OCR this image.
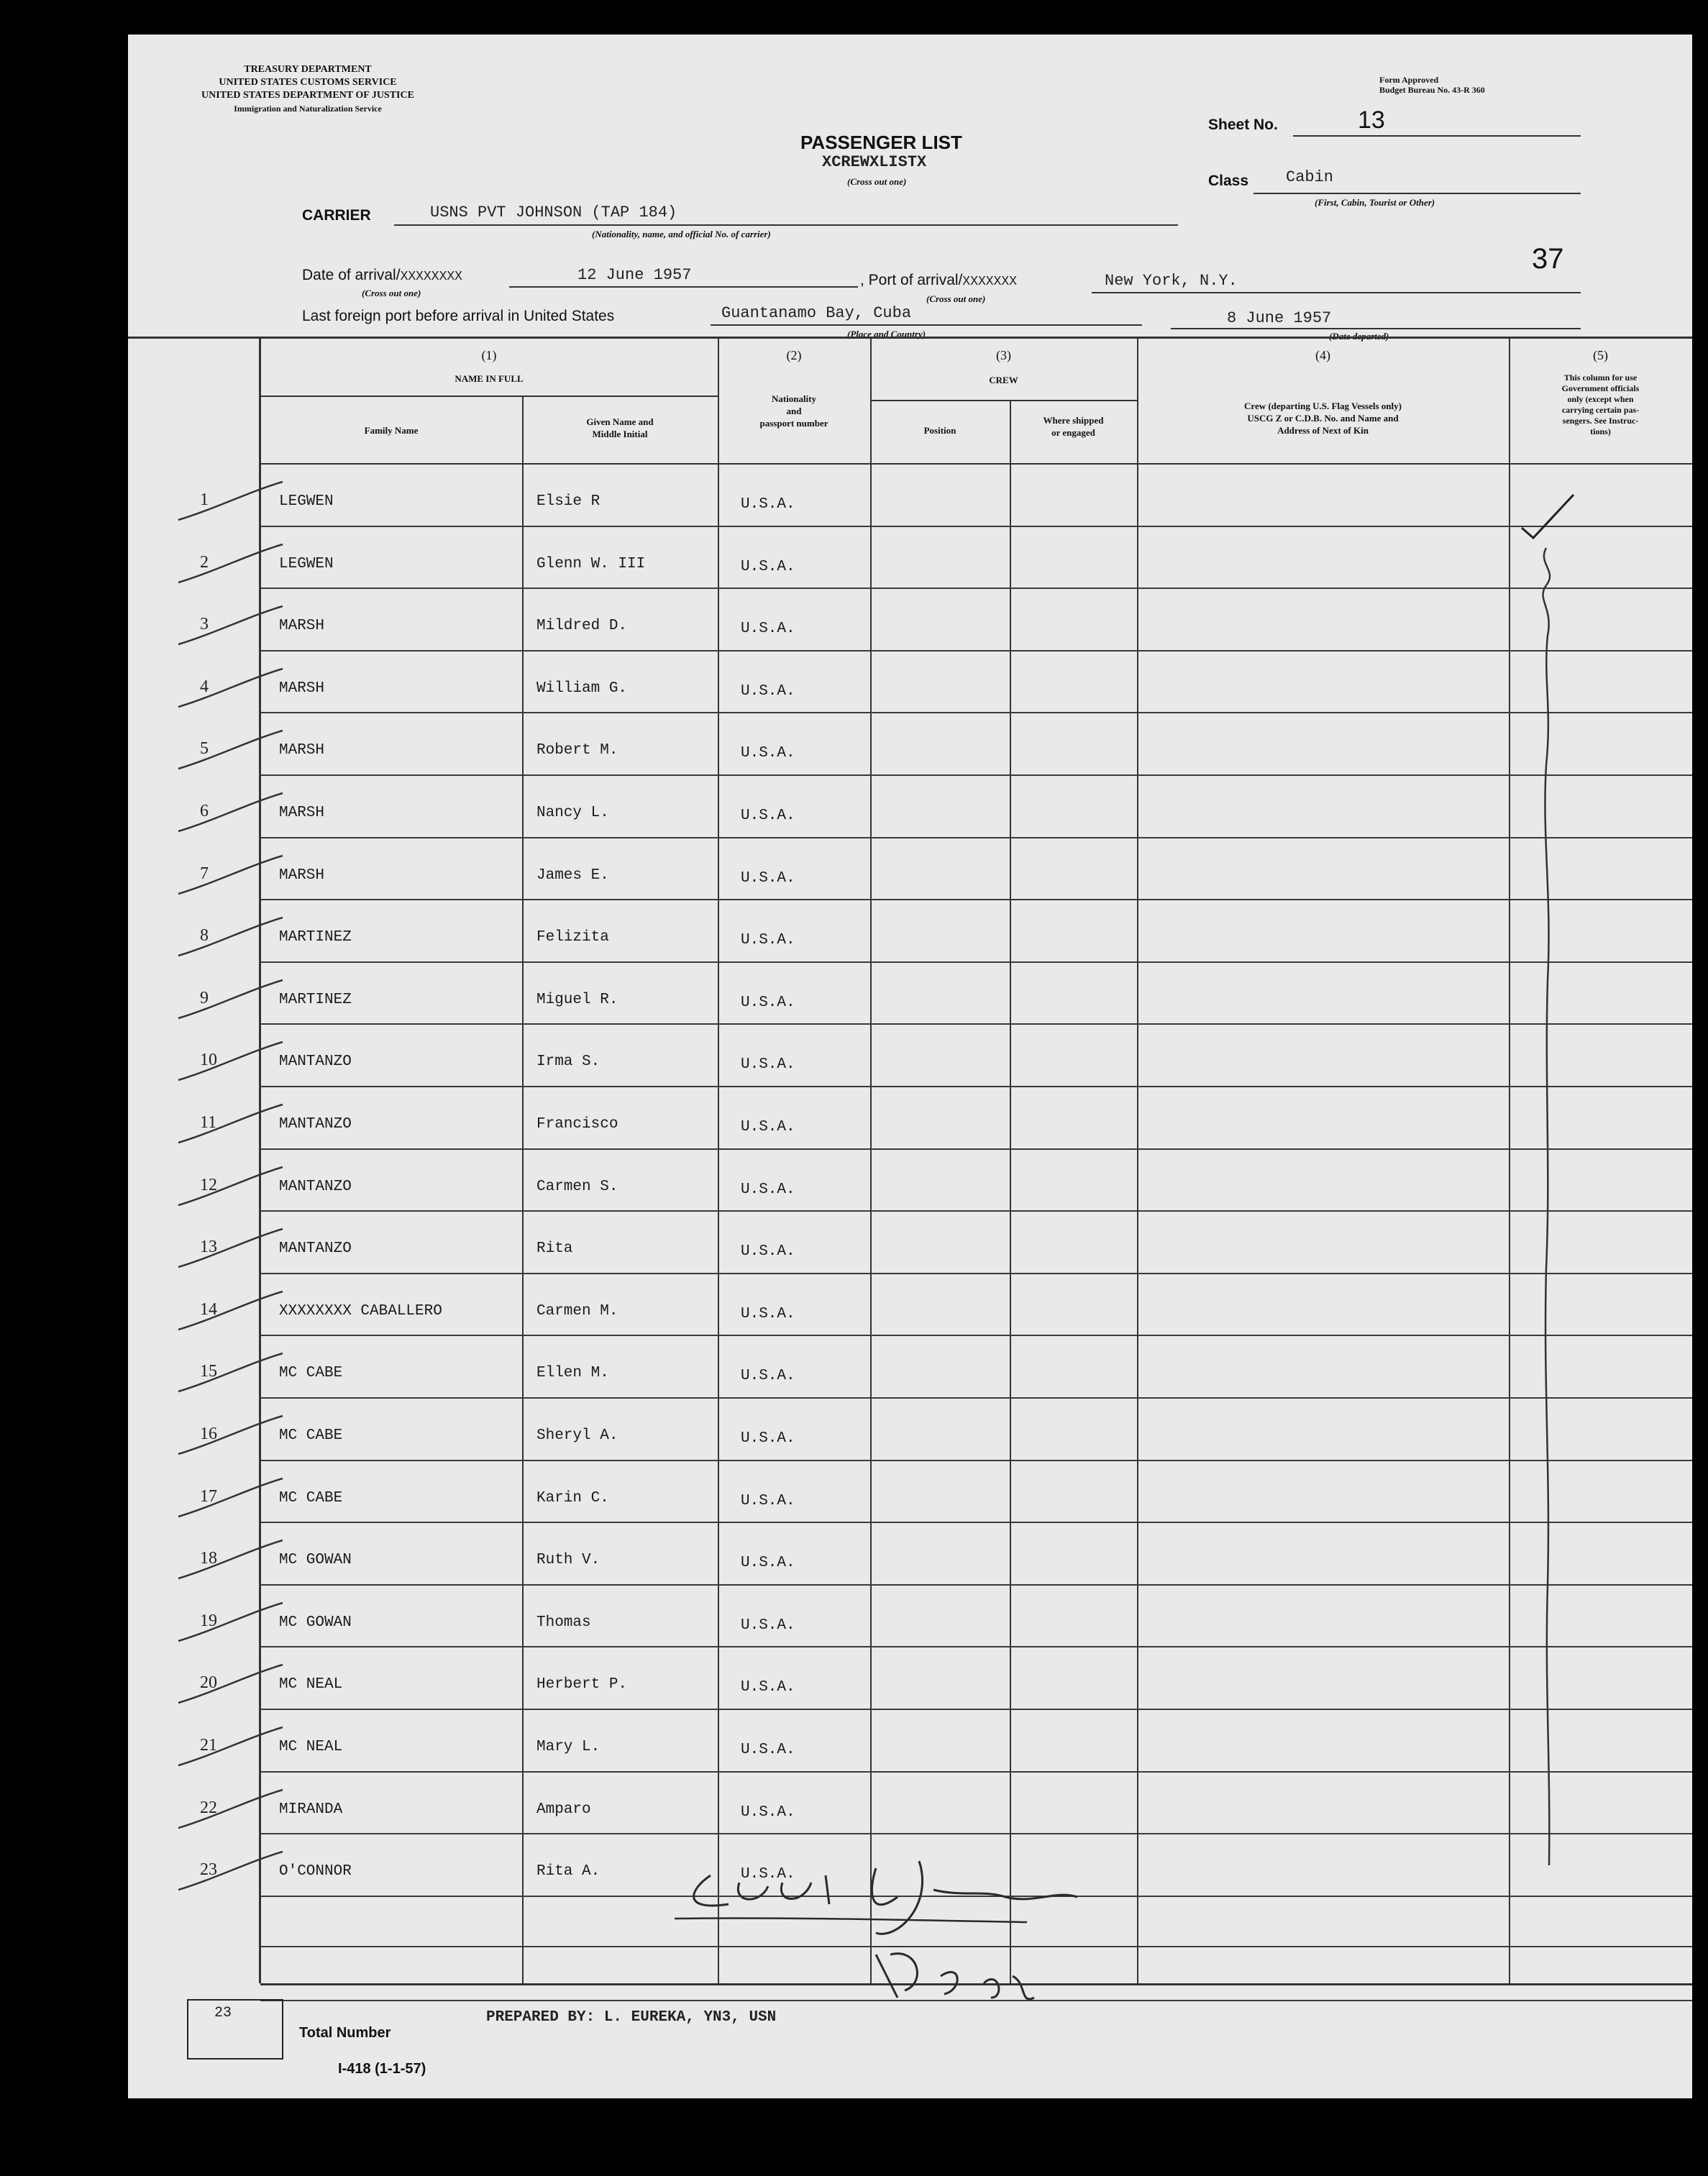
TREASURY DEPARTMENT
UNITED STATES CUSTOMS SERVICE
UNITED STATES DEPARTMENT OF JUSTICE
Immigration and Naturalization Service
Form Approved
Budget Bureau No. 43-R 360
PASSENGER LIST
XCREWXLISTX
(Cross out one)
Sheet No.	13
Class Cabin
(First, Cabin, Tourist or Other)
CARRIER	USNS PVT JOHNSON (TAP 184)
(Nationality, name, and official No. of carrier)
37
Date of arrival/XXXXXXXX	12 June 1957
(Cross out one)
, Port of arrival/XXXXXXX	New York, N.Y.
(Cross out one)
Last foreign port before arrival in United States	Guantanamo Bay, Cuba
(Place and Country)
8 June 1957
(Date departed)
(1)
NAME IN FULL
Family Name
Given Name and
Middle Initial
(2)
Nationality
and
passport number
(3)
CREW
Position
Where shipped
or engaged
(4)
Crew (departing U.S. Flag Vessels only)
USCG Z or C.D.B. No. and Name and
Address of Next of Kin
(5)
This column for use
Government officials
only (except when
carrying certain pas-
sengers. See Instruc-
tions)
1	LEGWEN	Elsie R	U.S.A.
2	LEGWEN	Glenn W. III	U.S.A.
3	MARSH	Mildred D.	U.S.A.
4	MARSH	William G.	U.S.A.
5	MARSH	Robert M.	U.S.A.
6	MARSH	Nancy L.	U.S.A.
7	MARSH	James E.	U.S.A.
8	MARTINEZ	Felizita	U.S.A.
9	MARTINEZ	Miguel R.	U.S.A.
10	MANTANZO	Irma S.	U.S.A.
11	MANTANZO	Francisco	U.S.A.
12	MANTANZO	Carmen S.	U.S.A.
13	MANTANZO	Rita	U.S.A.
14	XXXXXXXX CABALLERO	Carmen M.	U.S.A.
15	MC CABE	Ellen M.	U.S.A.
16	MC CABE	Sheryl A.	U.S.A.
17	MC CABE	Karin C.	U.S.A.
18	MC GOWAN	Ruth V.	U.S.A.
19	MC GOWAN	Thomas	U.S.A.
20	MC NEAL	Herbert P.	U.S.A.
21	MC NEAL	Mary L.	U.S.A.
22	MIRANDA	Amparo	U.S.A.
23	O'CONNOR	Rita A.	U.S.A.
23
Total Number
PREPARED BY: L. EUREKA, YN3, USN
I-418 (1-1-57)
